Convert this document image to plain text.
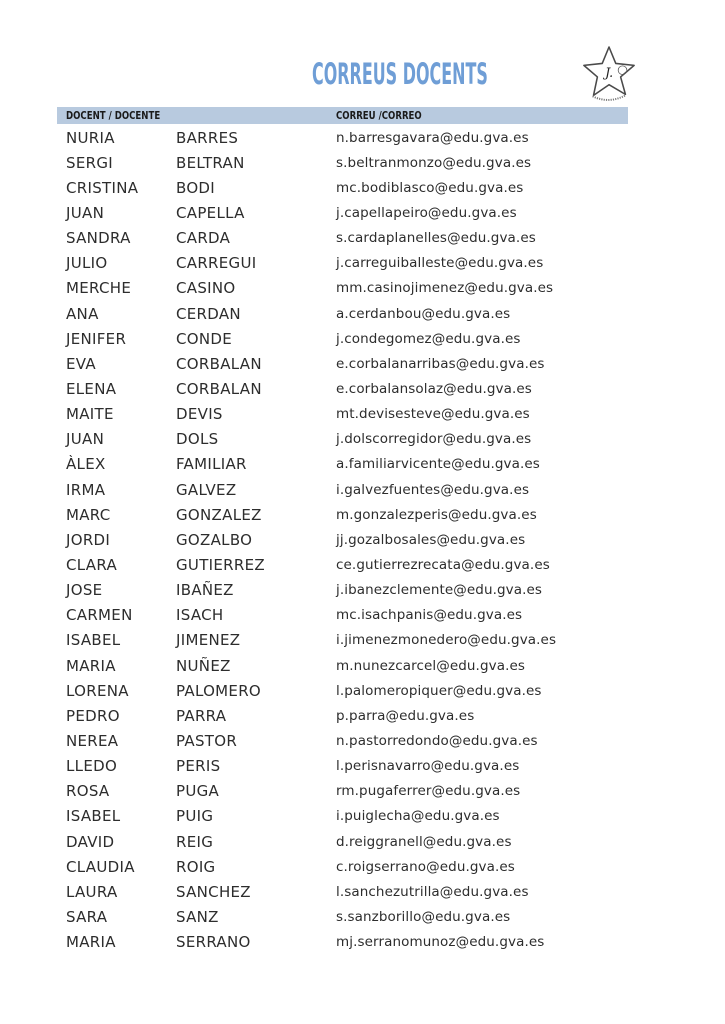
CORREUS DOCENTS	J.
DOCENT / DOCENTE	CORREU /CORREO
NURIA	BARRES	n.barresgavara@edu.gva.es
SERGI	BELTRAN	s.beltranmonzo@edu.gva.es
CRISTINA	BODI	mc.bodiblasco@edu.gva.es
JUAN	CAPELLA	j.capellapeiro@edu.gva.es
SANDRA	CARDA	s.cardaplanelles@edu.gva.es
JULIO	CARREGUI	j.carreguiballeste@edu.gva.es
MERCHE	CASINO	mm.casinojimenez@edu.gva.es
ANA	CERDAN	a.cerdanbou@edu.gva.es
JENIFER	CONDE	j.condegomez@edu.gva.es
EVA	CORBALAN	e.corbalanarribas@edu.gva.es
ELENA	CORBALAN	e.corbalansolaz@edu.gva.es
MAITE	DEVIS	mt.devisesteve@edu.gva.es
JUAN	DOLS	j.dolscorregidor@edu.gva.es
ÀLEX	FAMILIAR	a.familiarvicente@edu.gva.es
IRMA	GALVEZ	i.galvezfuentes@edu.gva.es
MARC	GONZALEZ	m.gonzalezperis@edu.gva.es
JORDI	GOZALBO	jj.gozalbosales@edu.gva.es
CLARA	GUTIERREZ	ce.gutierrezrecata@edu.gva.es
JOSE	IBAÑEZ	j.ibanezclemente@edu.gva.es
CARMEN	ISACH	mc.isachpanis@edu.gva.es
ISABEL	JIMENEZ	i.jimenezmonedero@edu.gva.es
MARIA	NUÑEZ	m.nunezcarcel@edu.gva.es
LORENA	PALOMERO	l.palomeropiquer@edu.gva.es
PEDRO	PARRA	p.parra@edu.gva.es
NEREA	PASTOR	n.pastorredondo@edu.gva.es
LLEDO	PERIS	l.perisnavarro@edu.gva.es
ROSA	PUGA	rm.pugaferrer@edu.gva.es
ISABEL	PUIG	i.puiglecha@edu.gva.es
DAVID	REIG	d.reiggranell@edu.gva.es
CLAUDIA	ROIG	c.roigserrano@edu.gva.es
LAURA	SANCHEZ	l.sanchezutrilla@edu.gva.es
SARA	SANZ	s.sanzborillo@edu.gva.es
MARIA	SERRANO	mj.serranomunoz@edu.gva.es
